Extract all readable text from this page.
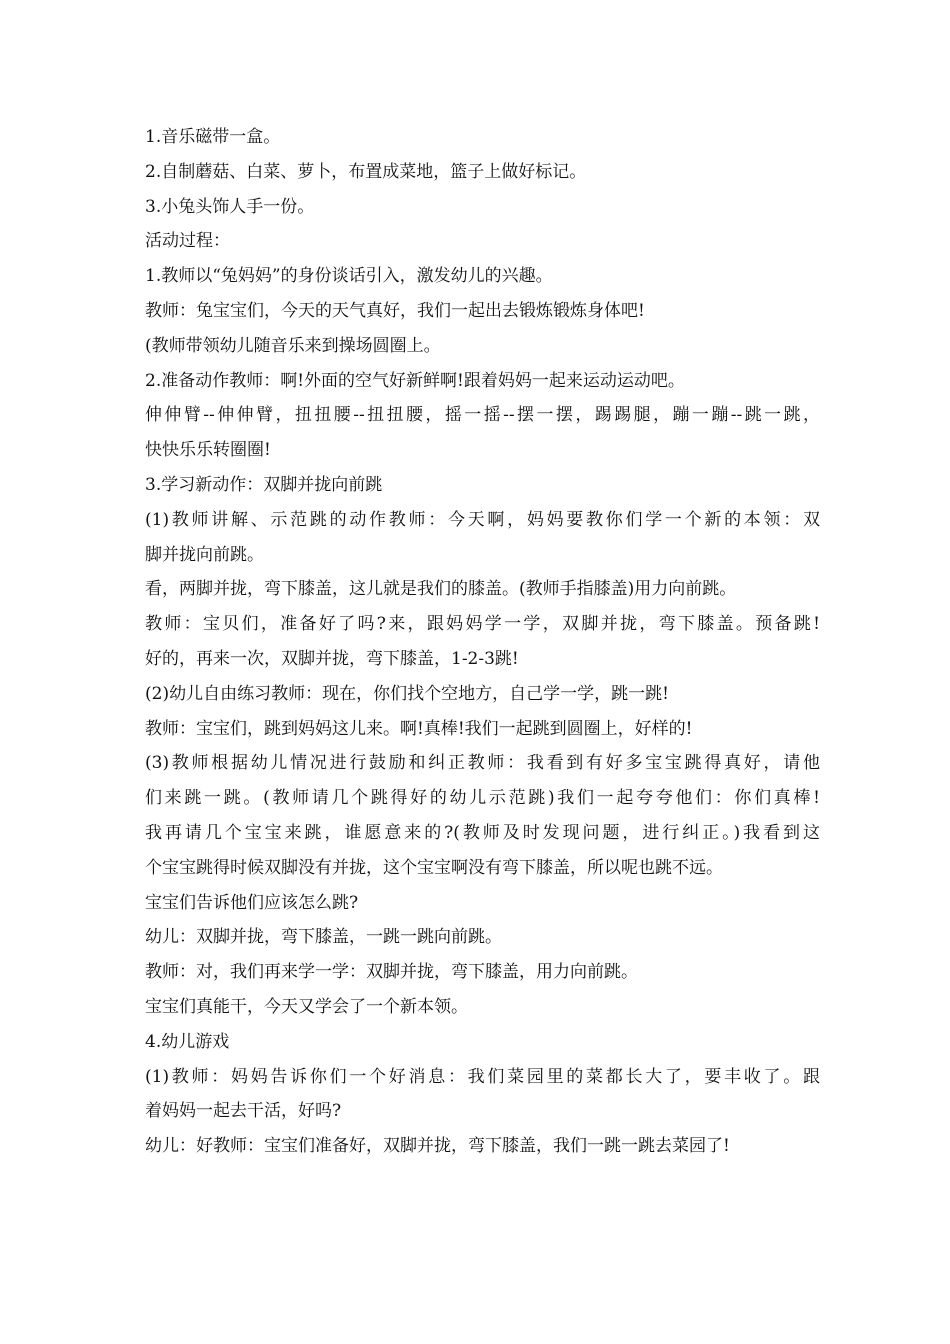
1.音乐磁带一盒。
2.自制蘑菇、白菜、萝卜，布置成菜地，篮子上做好标记。
3.小兔头饰人手一份。
活动过程：
1.教师以“兔妈妈”的身份谈话引入，激发幼儿的兴趣。
教师：兔宝宝们，今天的天气真好，我们一起出去锻炼锻炼身体吧!
(教师带领幼儿随音乐来到操场圆圈上。
2.准备动作教师：啊!外面的空气好新鲜啊!跟着妈妈一起来运动运动吧。
伸伸臂--伸伸臂，扭扭腰--扭扭腰，摇一摇--摆一摆，踢踢腿，蹦一蹦--跳一跳，
快快乐乐转圈圈!
3.学习新动作：双脚并拢向前跳
(1)教师讲解、示范跳的动作教师：今天啊，妈妈要教你们学一个新的本领：双
脚并拢向前跳。
看，两脚并拢，弯下膝盖，这儿就是我们的膝盖。(教师手指膝盖)用力向前跳。
教师：宝贝们，准备好了吗?来，跟妈妈学一学，双脚并拢，弯下膝盖。预备跳!
好的，再来一次，双脚并拢，弯下膝盖，1-2-3跳!
(2)幼儿自由练习教师：现在，你们找个空地方，自己学一学，跳一跳!
教师：宝宝们，跳到妈妈这儿来。啊!真棒!我们一起跳到圆圈上，好样的!
(3)教师根据幼儿情况进行鼓励和纠正教师：我看到有好多宝宝跳得真好，请他
们来跳一跳。(教师请几个跳得好的幼儿示范跳)我们一起夸夸他们：你们真棒!
我再请几个宝宝来跳，谁愿意来的?(教师及时发现问题，进行纠正。)我看到这
个宝宝跳得时候双脚没有并拢，这个宝宝啊没有弯下膝盖，所以呢也跳不远。
宝宝们告诉他们应该怎么跳?
幼儿：双脚并拢，弯下膝盖，一跳一跳向前跳。
教师：对，我们再来学一学：双脚并拢，弯下膝盖，用力向前跳。
宝宝们真能干，今天又学会了一个新本领。
4.幼儿游戏
(1)教师：妈妈告诉你们一个好消息：我们菜园里的菜都长大了，要丰收了。跟
着妈妈一起去干活，好吗?
幼儿：好教师：宝宝们准备好，双脚并拢，弯下膝盖，我们一跳一跳去菜园了!
